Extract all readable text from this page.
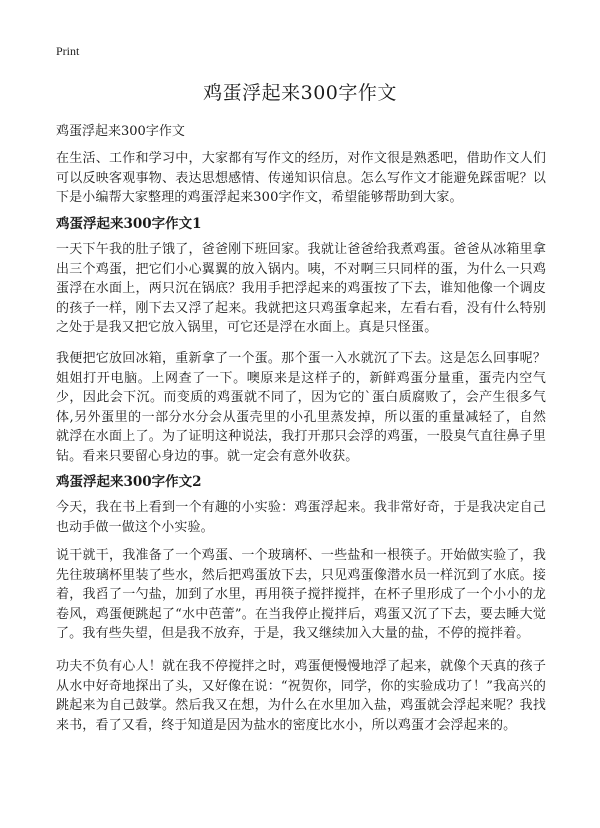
Print
鸡蛋浮起来300字作文
鸡蛋浮起来300字作文
在生活、工作和学习中，大家都有写作文的经历，对作文很是熟悉吧，借助作文人们可以反映客观事物、表达思想感情、传递知识信息。怎么写作文才能避免踩雷呢？以下是小编帮大家整理的鸡蛋浮起来300字作文，希望能够帮助到大家。
鸡蛋浮起来300字作文1
一天下午我的肚子饿了，爸爸刚下班回家。我就让爸爸给我煮鸡蛋。爸爸从冰箱里拿出三个鸡蛋，把它们小心翼翼的放入锅内。咦，不对啊三只同样的蛋，为什么一只鸡蛋浮在水面上，两只沉在锅底？我用手把浮起来的鸡蛋按了下去，谁知他像一个调皮的孩子一样，刚下去又浮了起来。我就把这只鸡蛋拿起来，左看右看，没有什么特别之处于是我又把它放入锅里，可它还是浮在水面上。真是只怪蛋。
我便把它放回冰箱，重新拿了一个蛋。那个蛋一入水就沉了下去。这是怎么回事呢？姐姐打开电脑。上网查了一下。噢原来是这样子的，新鲜鸡蛋分量重，蛋壳内空气少，因此会下沉。而变质的鸡蛋就不同了，因为它的`蛋白质腐败了，会产生很多气体,另外蛋里的一部分水分会从蛋壳里的小孔里蒸发掉，所以蛋的重量减轻了，自然就浮在水面上了。为了证明这种说法，我打开那只会浮的鸡蛋，一股臭气直往鼻子里钻。看来只要留心身边的事。就一定会有意外收获。
鸡蛋浮起来300字作文2
今天，我在书上看到一个有趣的小实验：鸡蛋浮起来。我非常好奇，于是我决定自己也动手做一做这个小实验。
说干就干，我准备了一个鸡蛋、一个玻璃杯、一些盐和一根筷子。开始做实验了，我先往玻璃杯里装了些水，然后把鸡蛋放下去，只见鸡蛋像潜水员一样沉到了水底。接着，我舀了一勺盐，加到了水里，再用筷子搅拌搅拌，在杯子里形成了一个小小的龙卷风，鸡蛋便跳起了“水中芭蕾”。在当我停止搅拌后，鸡蛋又沉了下去，要去睡大觉了。我有些失望，但是我不放弃，于是，我又继续加入大量的盐，不停的搅拌着。
功夫不负有心人！就在我不停搅拌之时，鸡蛋便慢慢地浮了起来，就像个天真的孩子从水中好奇地探出了头，又好像在说：“祝贺你，同学，你的实验成功了！”我高兴的跳起来为自己鼓掌。然后我又在想，为什么在水里加入盐，鸡蛋就会浮起来呢？我找来书，看了又看，终于知道是因为盐水的密度比水小，所以鸡蛋才会浮起来的。
